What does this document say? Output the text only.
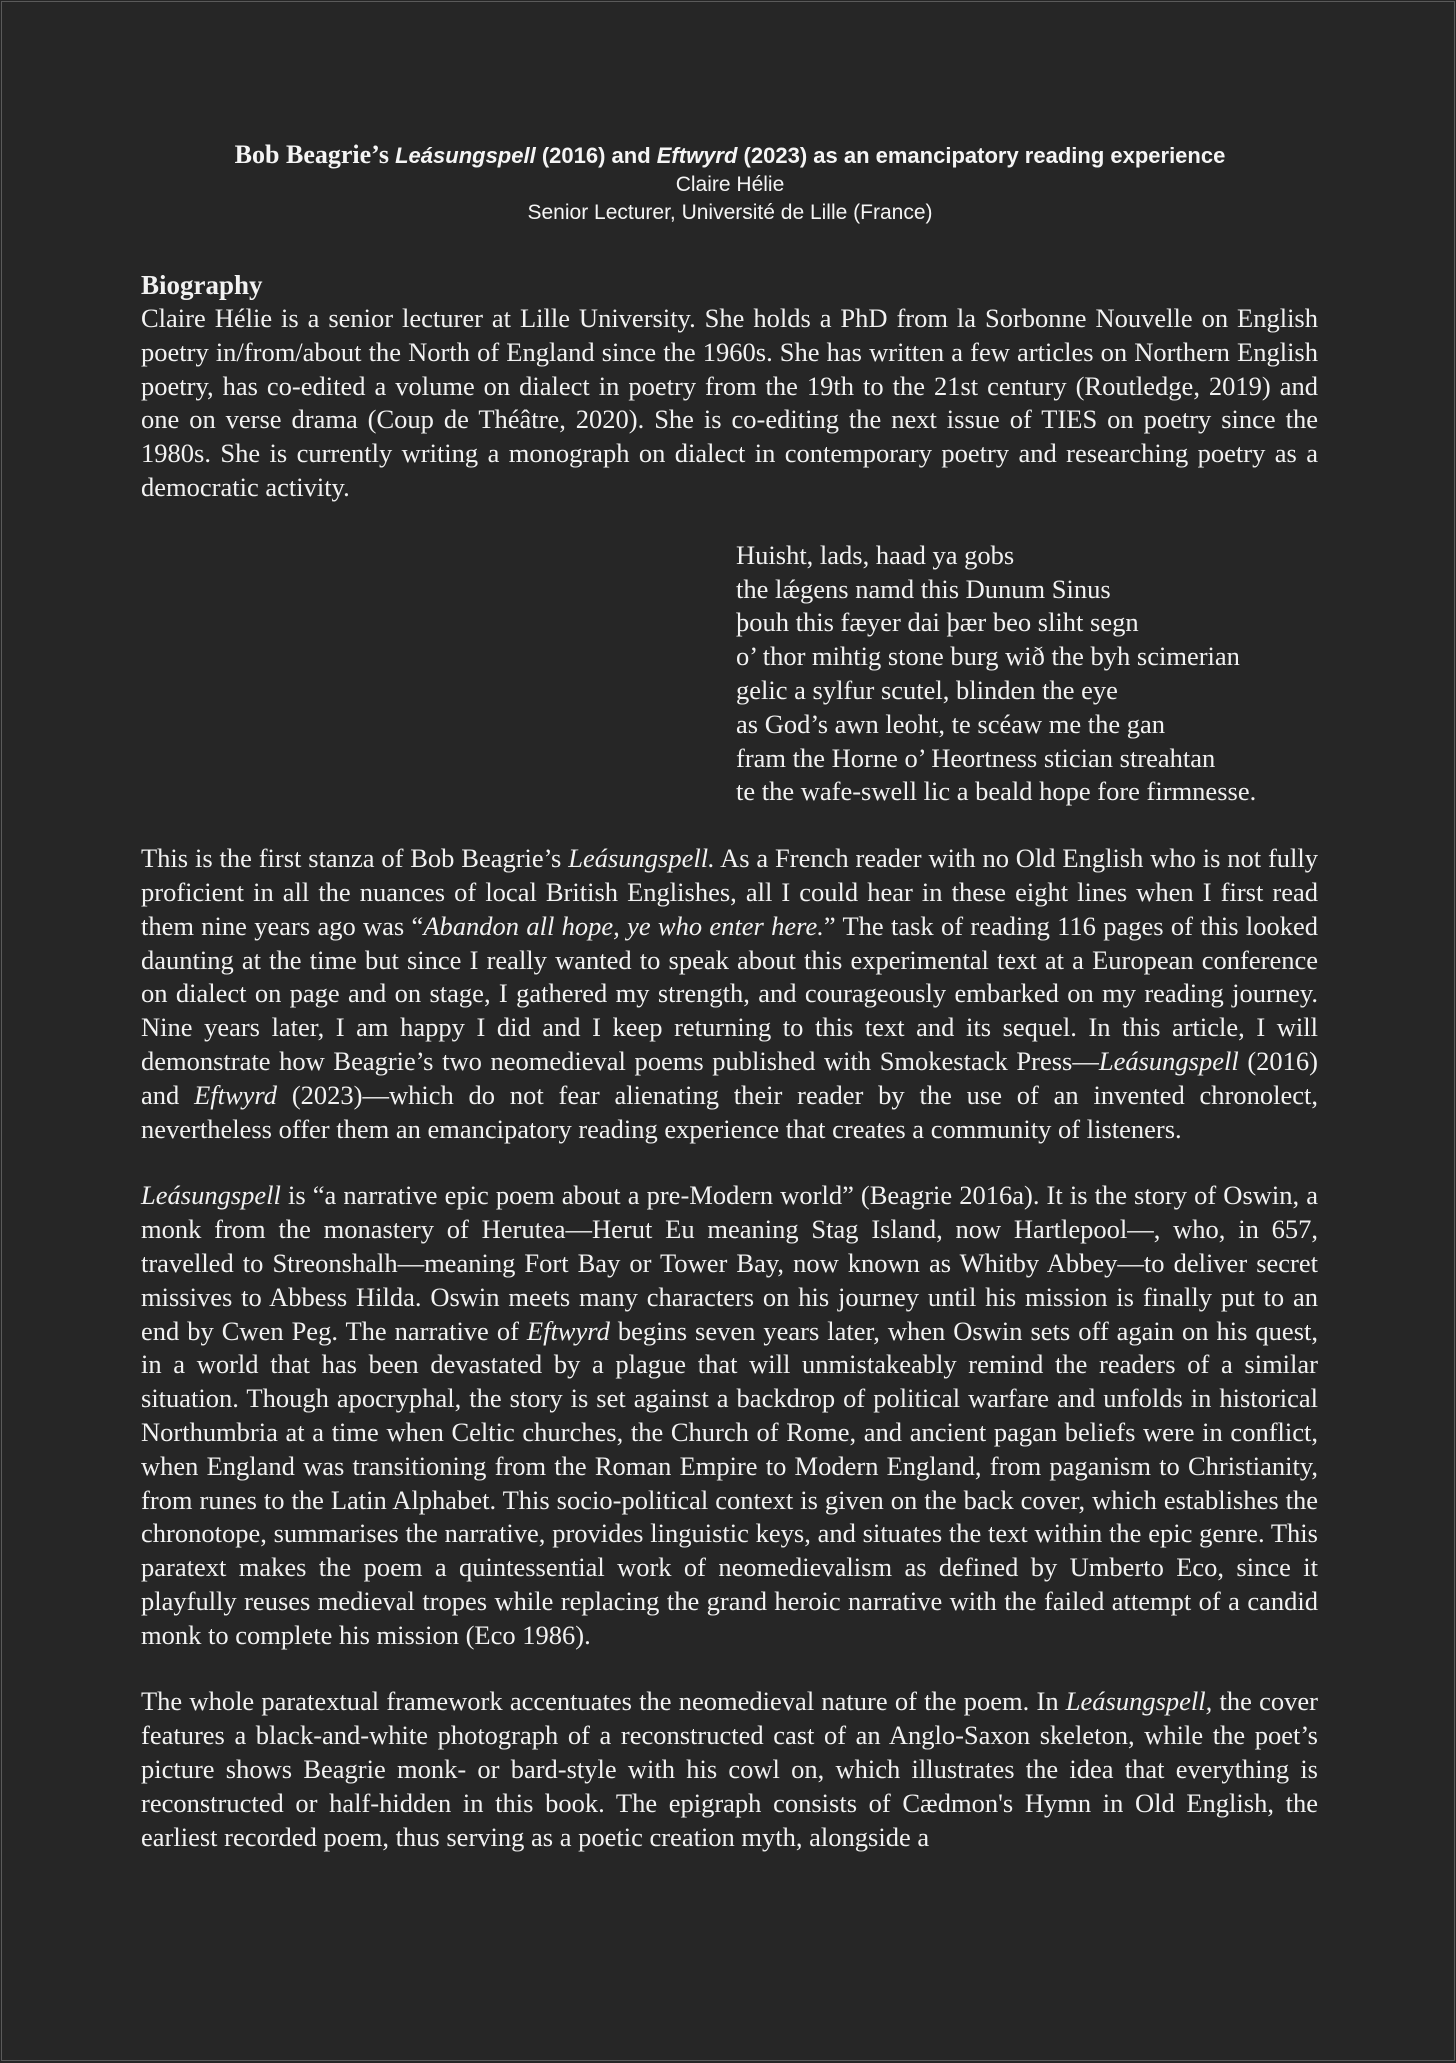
Bob Beagrie’s Leásungspell (2016) and Eftwyrd (2023) as an emancipatory reading experience
Claire Hélie
Senior Lecturer, Université de Lille (France)
Biography

Claire Hélie is a senior lecturer at Lille University. She holds a PhD from la Sorbonne Nouvelle on English poetry in/from/about the North of England since the 1960s. She has written a few articles on Northern English poetry, has co-edited a volume on dialect in poetry from the 19th to the 21st century (Routledge, 2019) and one on verse drama (Coup de Théâtre, 2020). She is co-editing the next issue of TIES on poetry since the 1980s. She is currently writing a monograph on dialect in contemporary poetry and researching poetry as a democratic activity.

Huisht, lads, haad ya gobs
the lǽgens namd this Dunum Sinus
þouh this fæyer dai þær beo sliht segn
o’ thor mihtig stone burg wið the byh scimerian
gelic a sylfur scutel, blinden the eye
as God’s awn leoht, te scéaw me the gan
fram the Horne o’ Heortness stician streahtan
te the wafe-swell lic a beald hope fore firmnesse.

This is the first stanza of Bob Beagrie’s Leásungspell. As a French reader with no Old English who is not fully proficient in all the nuances of local British Englishes, all I could hear in these eight lines when I first read them nine years ago was “Abandon all hope, ye who enter here.” The task of reading 116 pages of this looked daunting at the time but since I really wanted to speak about this experimental text at a European conference on dialect on page and on stage, I gathered my strength, and courageously embarked on my reading journey. Nine years later, I am happy I did and I keep returning to this text and its sequel. In this article, I will demonstrate how Beagrie’s two neomedieval poems published with Smokestack Press—Leásungspell (2016) and Eftwyrd (2023)—which do not fear alienating their reader by the use of an invented chronolect, nevertheless offer them an emancipatory reading experience that creates a community of listeners.

Leásungspell is “a narrative epic poem about a pre-Modern world” (Beagrie 2016a). It is the story of Oswin, a monk from the monastery of Herutea—Herut Eu meaning Stag Island, now Hartlepool—, who, in 657, travelled to Streonshalh—meaning Fort Bay or Tower Bay, now known as Whitby Abbey—to deliver secret missives to Abbess Hilda. Oswin meets many characters on his journey until his mission is finally put to an end by Cwen Peg. The narrative of Eftwyrd begins seven years later, when Oswin sets off again on his quest, in a world that has been devastated by a plague that will unmistakeably remind the readers of a similar situation. Though apocryphal, the story is set against a backdrop of political warfare and unfolds in historical Northumbria at a time when Celtic churches, the Church of Rome, and ancient pagan beliefs were in conflict, when England was transitioning from the Roman Empire to Modern England, from paganism to Christianity, from runes to the Latin Alphabet. This socio-political context is given on the back cover, which establishes the chronotope, summarises the narrative, provides linguistic keys, and situates the text within the epic genre. This paratext makes the poem a quintessential work of neomedievalism as defined by Umberto Eco, since it playfully reuses medieval tropes while replacing the grand heroic narrative with the failed attempt of a candid monk to complete his mission (Eco 1986).

The whole paratextual framework accentuates the neomedieval nature of the poem. In Leásungspell, the cover features a black-and-white photograph of a reconstructed cast of an Anglo-Saxon skeleton, while the poet’s picture shows Beagrie monk- or bard-style with his cowl on, which illustrates the idea that everything is reconstructed or half-hidden in this book. The epigraph consists of Cædmon's Hymn in Old English, the earliest recorded poem, thus serving as a poetic creation myth, alongside a
